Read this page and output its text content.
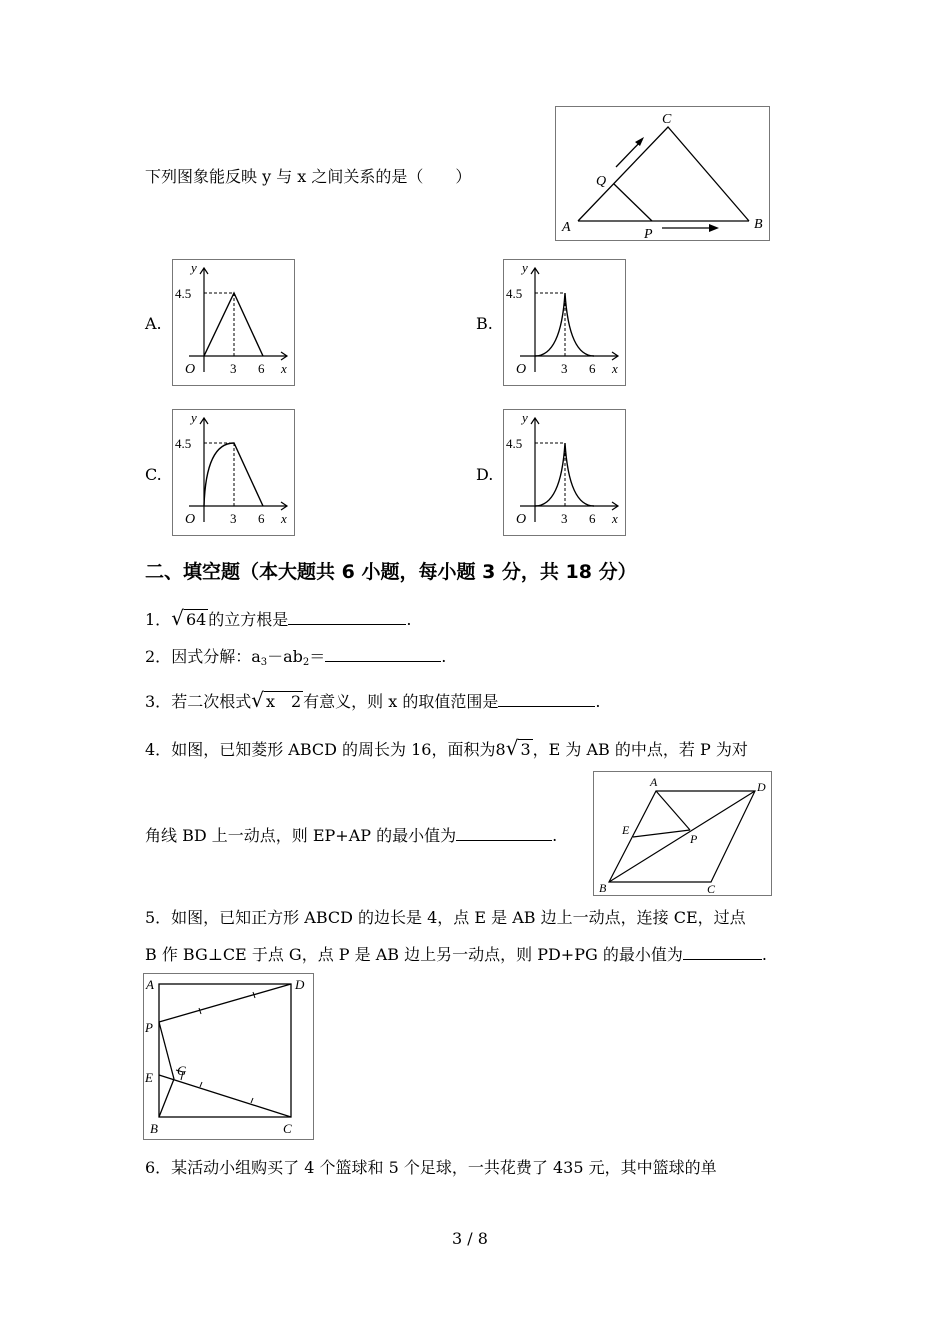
下列图象能反映 y 与 x 之间关系的是（　　）
C
A	B
Q
P
A.	B.
C.	D.
4.5
y
O	3 6 x
4.5
y
O	3 6 x
4.5
y
O	3 6 x
4.5
y
O	3 6 x
二、填空题（本大题共 6 小题，每小题 3 分，共 18 分）
1．√ 64 的立方根是	.
2．因式分解：$a_3-ab_2=$	.
3．若二次根式√ x　2 有意义，则 x 的取值范围是	.
4．如图，已知菱形 ABCD 的周长为 16，面积为8√ 3 ，E 为 AB 的中点，若 P 为对
角线 BD 上一动点，则 EP+AP 的最小值为	.
A	D
E
P
B	C
5．如图，已知正方形 ABCD 的边长是 4，点 E 是 AB 边上一动点，连接 CE，过点
B 作 BG⊥CE 于点 G，点 P 是 AB 边上另一动点，则 PD+PG 的最小值为	.
A	D
P
G
E
B	C
6．某活动小组购买了 4 个篮球和 5 个足球，一共花费了 435 元，其中篮球的单
3 / 8
